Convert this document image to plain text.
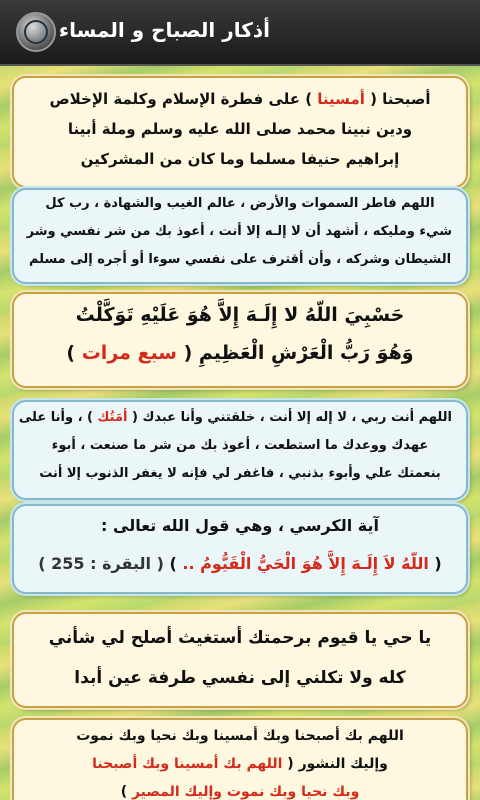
أذكار الصباح و المساء
أصبحنا ( أمسينا ) على فطرة الإسلام وكلمة الإخلاص
ودين نبينا محمد صلى الله عليه وسلم وملة أبينا
إبراهيم حنيفا مسلما وما كان من المشركين
اللهم فاطر السموات والأرض ، عالم الغيب والشهادة ، رب كل
شيء ومليكه ، أشهد أن لا إلـه إلا أنت ، أعوذ بك من شر نفسي وشر
الشيطان وشركه ، وأن أقترف على نفسي سوءا أو أجره إلى مسلم
حَسْبِيَ اللّهُ لا إِلَـهَ إِلاَّ هُوَ عَلَيْهِ تَوَكَّلْتُ
وَهُوَ رَبُّ الْعَرْشِ الْعَظِيمِ ( سبع مرات )
اللهم أنت ربي ، لا إله إلا أنت ، خلقتني وأنا عبدك ( أمَتُك ) ، وأنا على
عهدك ووعدك ما استطعت ، أعوذ بك من شر ما صنعت ، أبوء
بنعمتك علي وأبوء بذنبي ، فاغفر لي فإنه لا يغفر الذنوب إلا أنت
آية الكرسي ، وهي قول الله تعالى :
( اللّهُ لاَ إِلَـهَ إِلاَّ هُوَ الْحَيُّ الْقَيُّومُ .. ) ( البقرة : 255 )
يا حي يا قيوم برحمتك أستغيث أصلح لي شأني
كله ولا تكلني إلى نفسي طرفة عين أبدا
اللهم بك أصبحنا وبك أمسينا وبك نحيا وبك نموت
وإليك النشور ( اللهم بك أمسينا وبك أصبحنا
وبك نحيا وبك نموت وإليك المصير )
